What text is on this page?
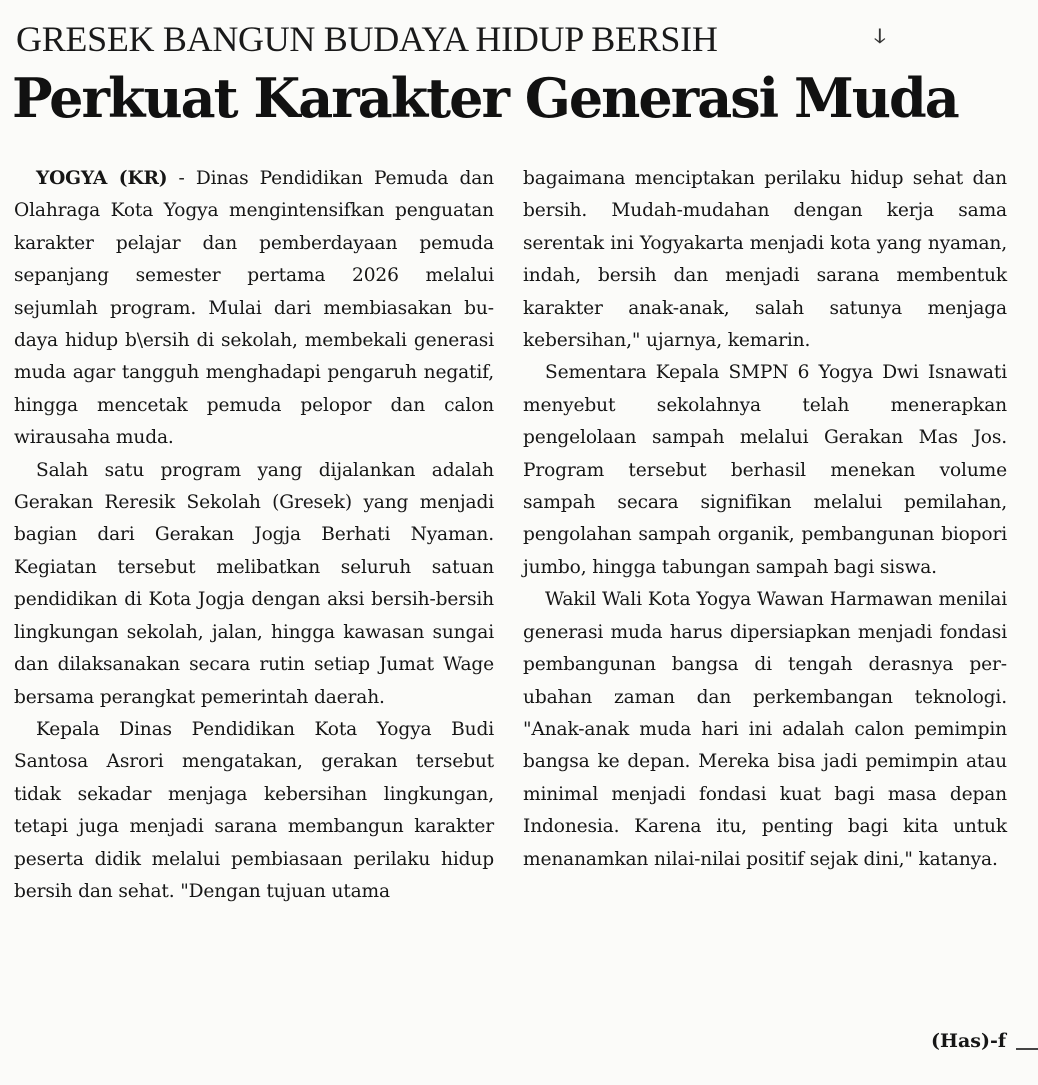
GRESEK BANGUN BUDAYA HIDUP BERSIH	ↆ
Perkuat Karakter Generasi Muda

YOGYA (KR) - Dinas Pendidikan Pemuda dan Olahraga Kota Yogya mengintensifkan penguatan karakter pelajar dan pemberdayaan pemuda sepanjang semester pertama 2026 melalui sejumlah program. Mulai dari membiasakan budaya hidup b\ersih di sekolah, membekali generasi muda agar tangguh menghadapi pengaruh negatif, hingga mencetak pemuda pelopor dan calon wirausaha muda.

Salah satu program yang dijalankan adalah Gerakan Reresik Sekolah (Gresek) yang menjadi bagian dari Gerakan Jogja Berhati Nyaman. Kegiatan tersebut melibatkan seluruh satuan pendidikan di Kota Jogja dengan aksi bersih-bersih lingkungan sekolah, jalan, hingga kawasan sungai dan dilaksanakan secara rutin setiap Jumat Wage bersama perangkat pemerintah daerah.

Kepala Dinas Pendidikan Kota Yogya Budi Santosa Asrori mengatakan, gerakan tersebut tidak sekadar menjaga kebersihan lingkungan, tetapi juga menjadi sarana membangun karakter peserta didik melalui pembiasaan perilaku hidup bersih dan sehat. "Dengan tujuan utama

bagaimana menciptakan perilaku hidup sehat dan bersih. Mudah-mudahan dengan kerja sama serentak ini Yogyakarta menjadi kota yang nyaman, indah, bersih dan menjadi sarana membentuk karakter anak-anak, salah satunya menjaga kebersihan," ujarnya, kemarin.

Sementara Kepala SMPN 6 Yogya Dwi Isnawati menyebut sekolahnya telah menerapkan pengelolaan sampah melalui Gerakan Mas Jos. Program tersebut berhasil menekan volume sampah secara signifikan melalui pemilahan, pengolahan sampah organik, pembangunan biopori jumbo, hingga tabungan sampah bagi siswa.

Wakil Wali Kota Yogya Wawan Harmawan menilai generasi muda harus dipersiapkan menjadi fondasi pembangunan bangsa di tengah derasnya perubahan zaman dan perkembangan teknologi. "Anak-anak muda hari ini adalah calon pemimpin bangsa ke depan. Mereka bisa jadi pemimpin atau minimal menjadi fondasi kuat bagi masa depan Indonesia. Karena itu, penting bagi kita untuk menanamkan nilai-nilai positif sejak dini," katanya.

(Has)-f
